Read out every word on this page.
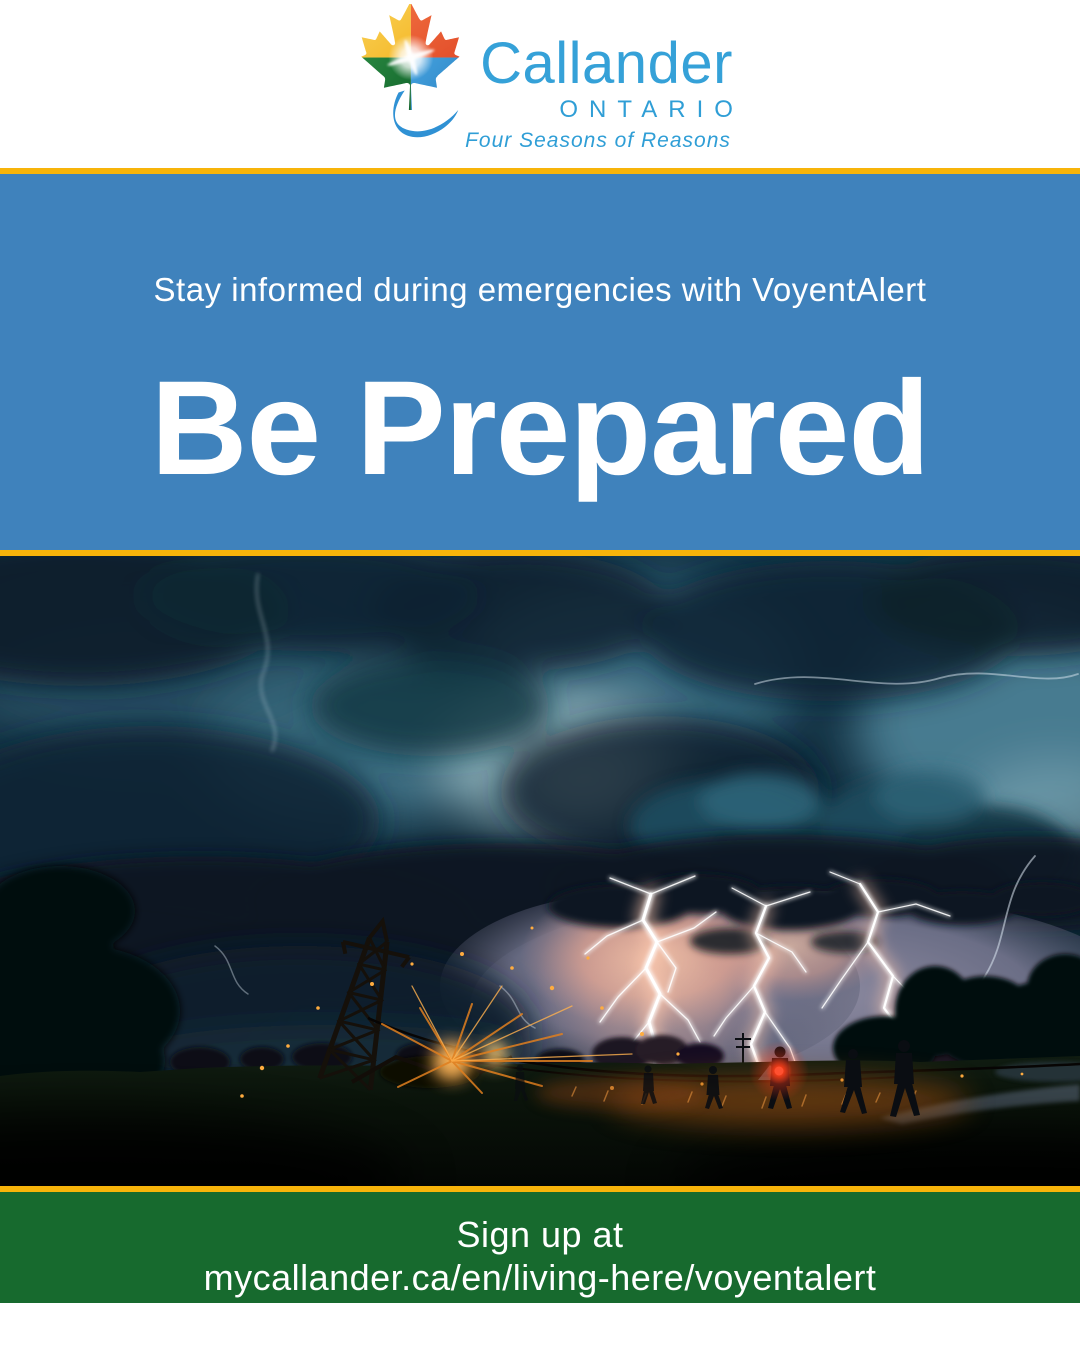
Callander
ONTARIO
Four Seasons of Reasons
Stay informed during emergencies with VoyentAlert
Be Prepared
Sign up at
mycallander.ca/en/living-here/voyentalert
